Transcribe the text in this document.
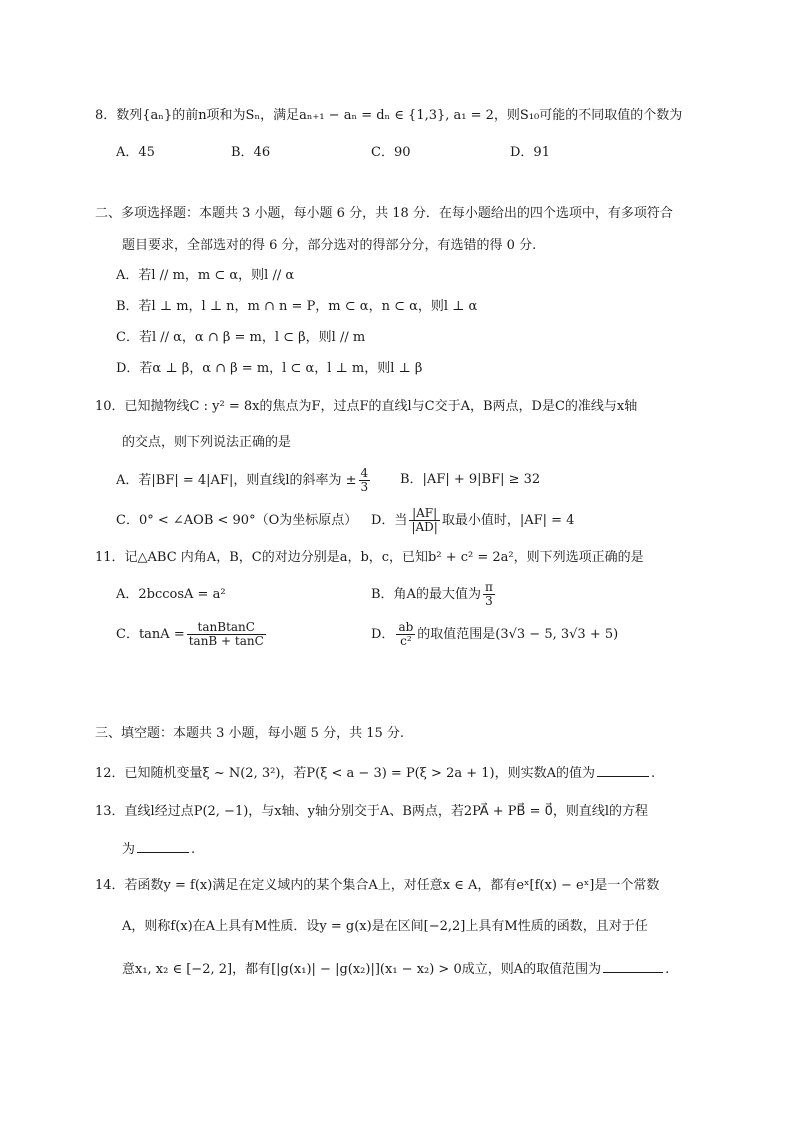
8．数列{aₙ}的前n项和为Sₙ，满足aₙ₊₁ − aₙ = dₙ ∈ {1,3}, a₁ = 2，则S₁₀可能的不同取值的个数为
A．45	B．46	C．90	D．91
二、多项选择题：本题共 3 小题，每小题 6 分，共 18 分．在每小题给出的四个选项中，有多项符合
题目要求，全部选对的得 6 分，部分选对的得部分分，有选错的得 0 分.
A．若l // m，m ⊂ α，则l // α
B．若l ⊥ m，l ⊥ n，m ∩ n = P，m ⊂ α，n ⊂ α，则l ⊥ α
C．若l // α，α ∩ β = m，l ⊂ β，则l // m
D．若α ⊥ β，α ∩ β = m，l ⊂ α，l ⊥ m，则l ⊥ β
10．已知抛物线C : y² = 8x的焦点为F，过点F的直线l与C交于A，B两点，D是C的准线与x轴
的交点，则下列说法正确的是
A．若|BF| = 4|AF|，则直线l的斜率为 ± $\frac{4}{3}$ B．|AF| + 9|BF| ≥ 32
C．0° < ∠AOB < 90°（O为坐标原点） D．当 $\frac{|AF|}{|AD|}$ 取最小值时，|AF| = 4
11．记△ABC 内角A，B，C的对边分别是a，b，c，已知b² + c² = 2a²，则下列选项正确的是
A．2bccosA = a²	B．角A的最大值为 $\frac{\pi}{3}$
C．$\tan A = \frac{\text{tanBtanC}}{\tan B + \tan C}$	D． $\frac{ab}{\text{c²}}$ 的取值范围是(3√3 − 5, 3√3 + 5)
三、填空题：本题共 3 小题，每小题 5 分，共 15 分.
12．已知随机变量ξ ~ N(2, 3²)，若P(ξ < a − 3) = P(ξ > 2a + 1)，则实数A的值为	.
13．直线l经过点P(2, −1)，与x轴、y轴分别交于A、B两点，若2PA⃗ + PB⃗ = 0⃗，则直线l的方程
为	.
14．若函数y = f(x)满足在定义域内的某个集合A上，对任意x ∈ A，都有eˣ[f(x) − eˣ]是一个常数
A，则称f(x)在A上具有M性质．设y = g(x)是在区间[−2,2]上具有M性质的函数，且对于任
意x₁, x₂ ∈ [−2, 2]，都有[|g(x₁)| − |g(x₂)|](x₁ − x₂) > 0成立，则A的取值范围为	.
